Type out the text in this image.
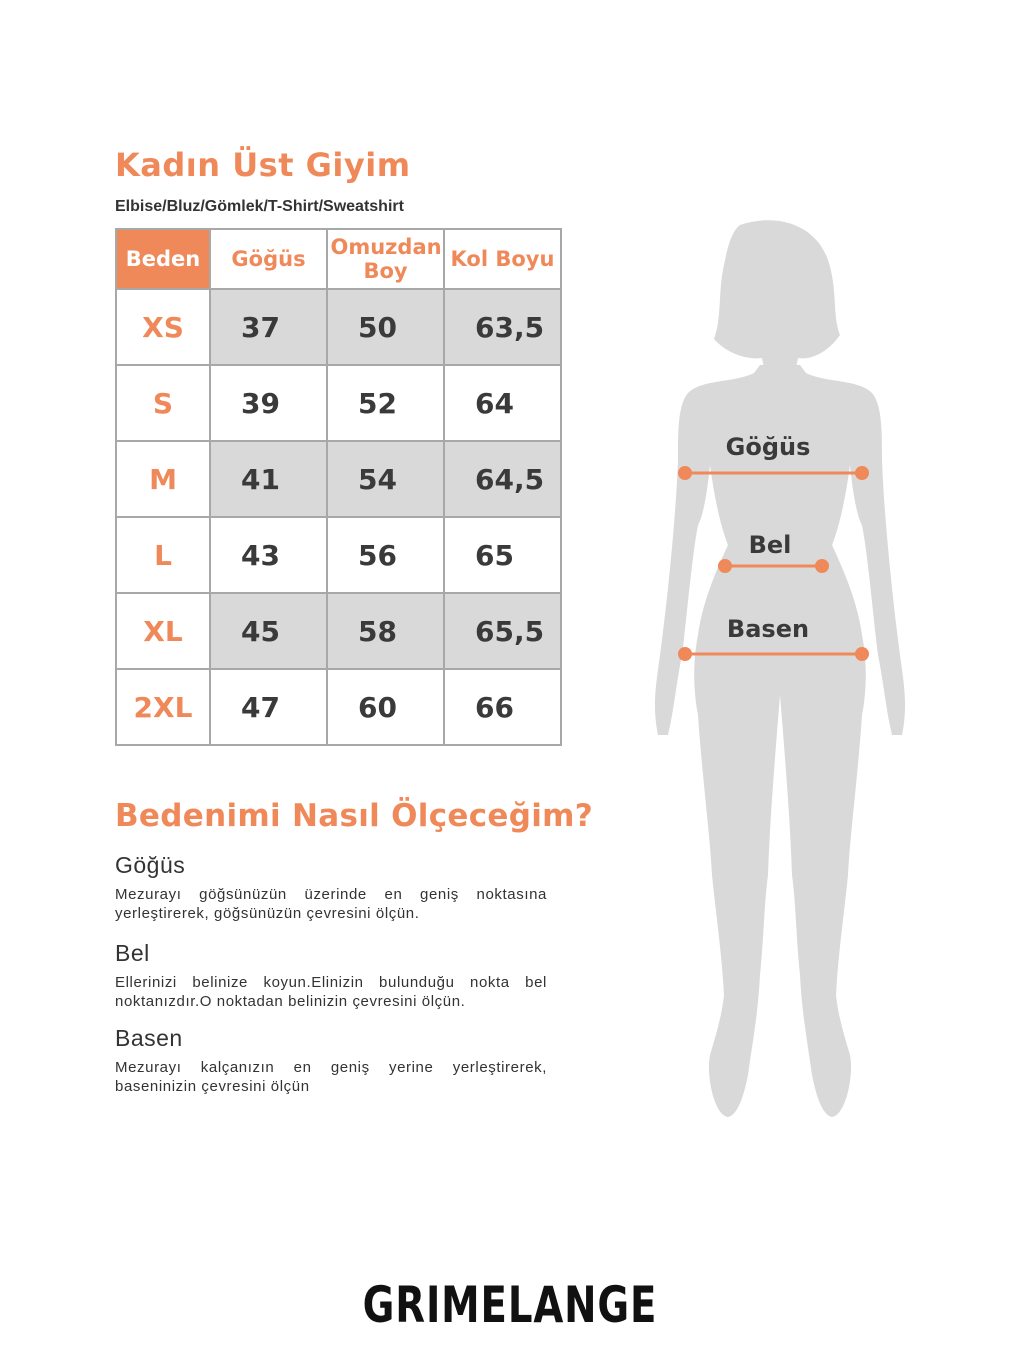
Kadın Üst Giyim
Elbise/Bluz/Gömlek/T-Shirt/Sweatshirt
Beden	Göğüs	Omuzdan Boy	Kol Boyu
XS	37	50	63,5
S	39	52	64
M	41	54	64,5
L	43	56	65
XL	45	58	65,5
2XL	47	60	66
Bedenimi Nasıl Ölçeceğim?
Göğüs

Mezurayı göğsünüzün üzerinde en geniş noktasına yerleştirerek, göğsünüzün çevresini ölçün.

Bel

Ellerinizi belinize koyun.Elinizin bulunduğu nokta bel noktanızdır.O noktadan belinizin çevresini ölçün.

Basen

Mezurayı kalçanızın en geniş yerine yerleştirerek, baseninizin çevresini ölçün

Göğüs
Bel
Basen
GRIMELANGE
